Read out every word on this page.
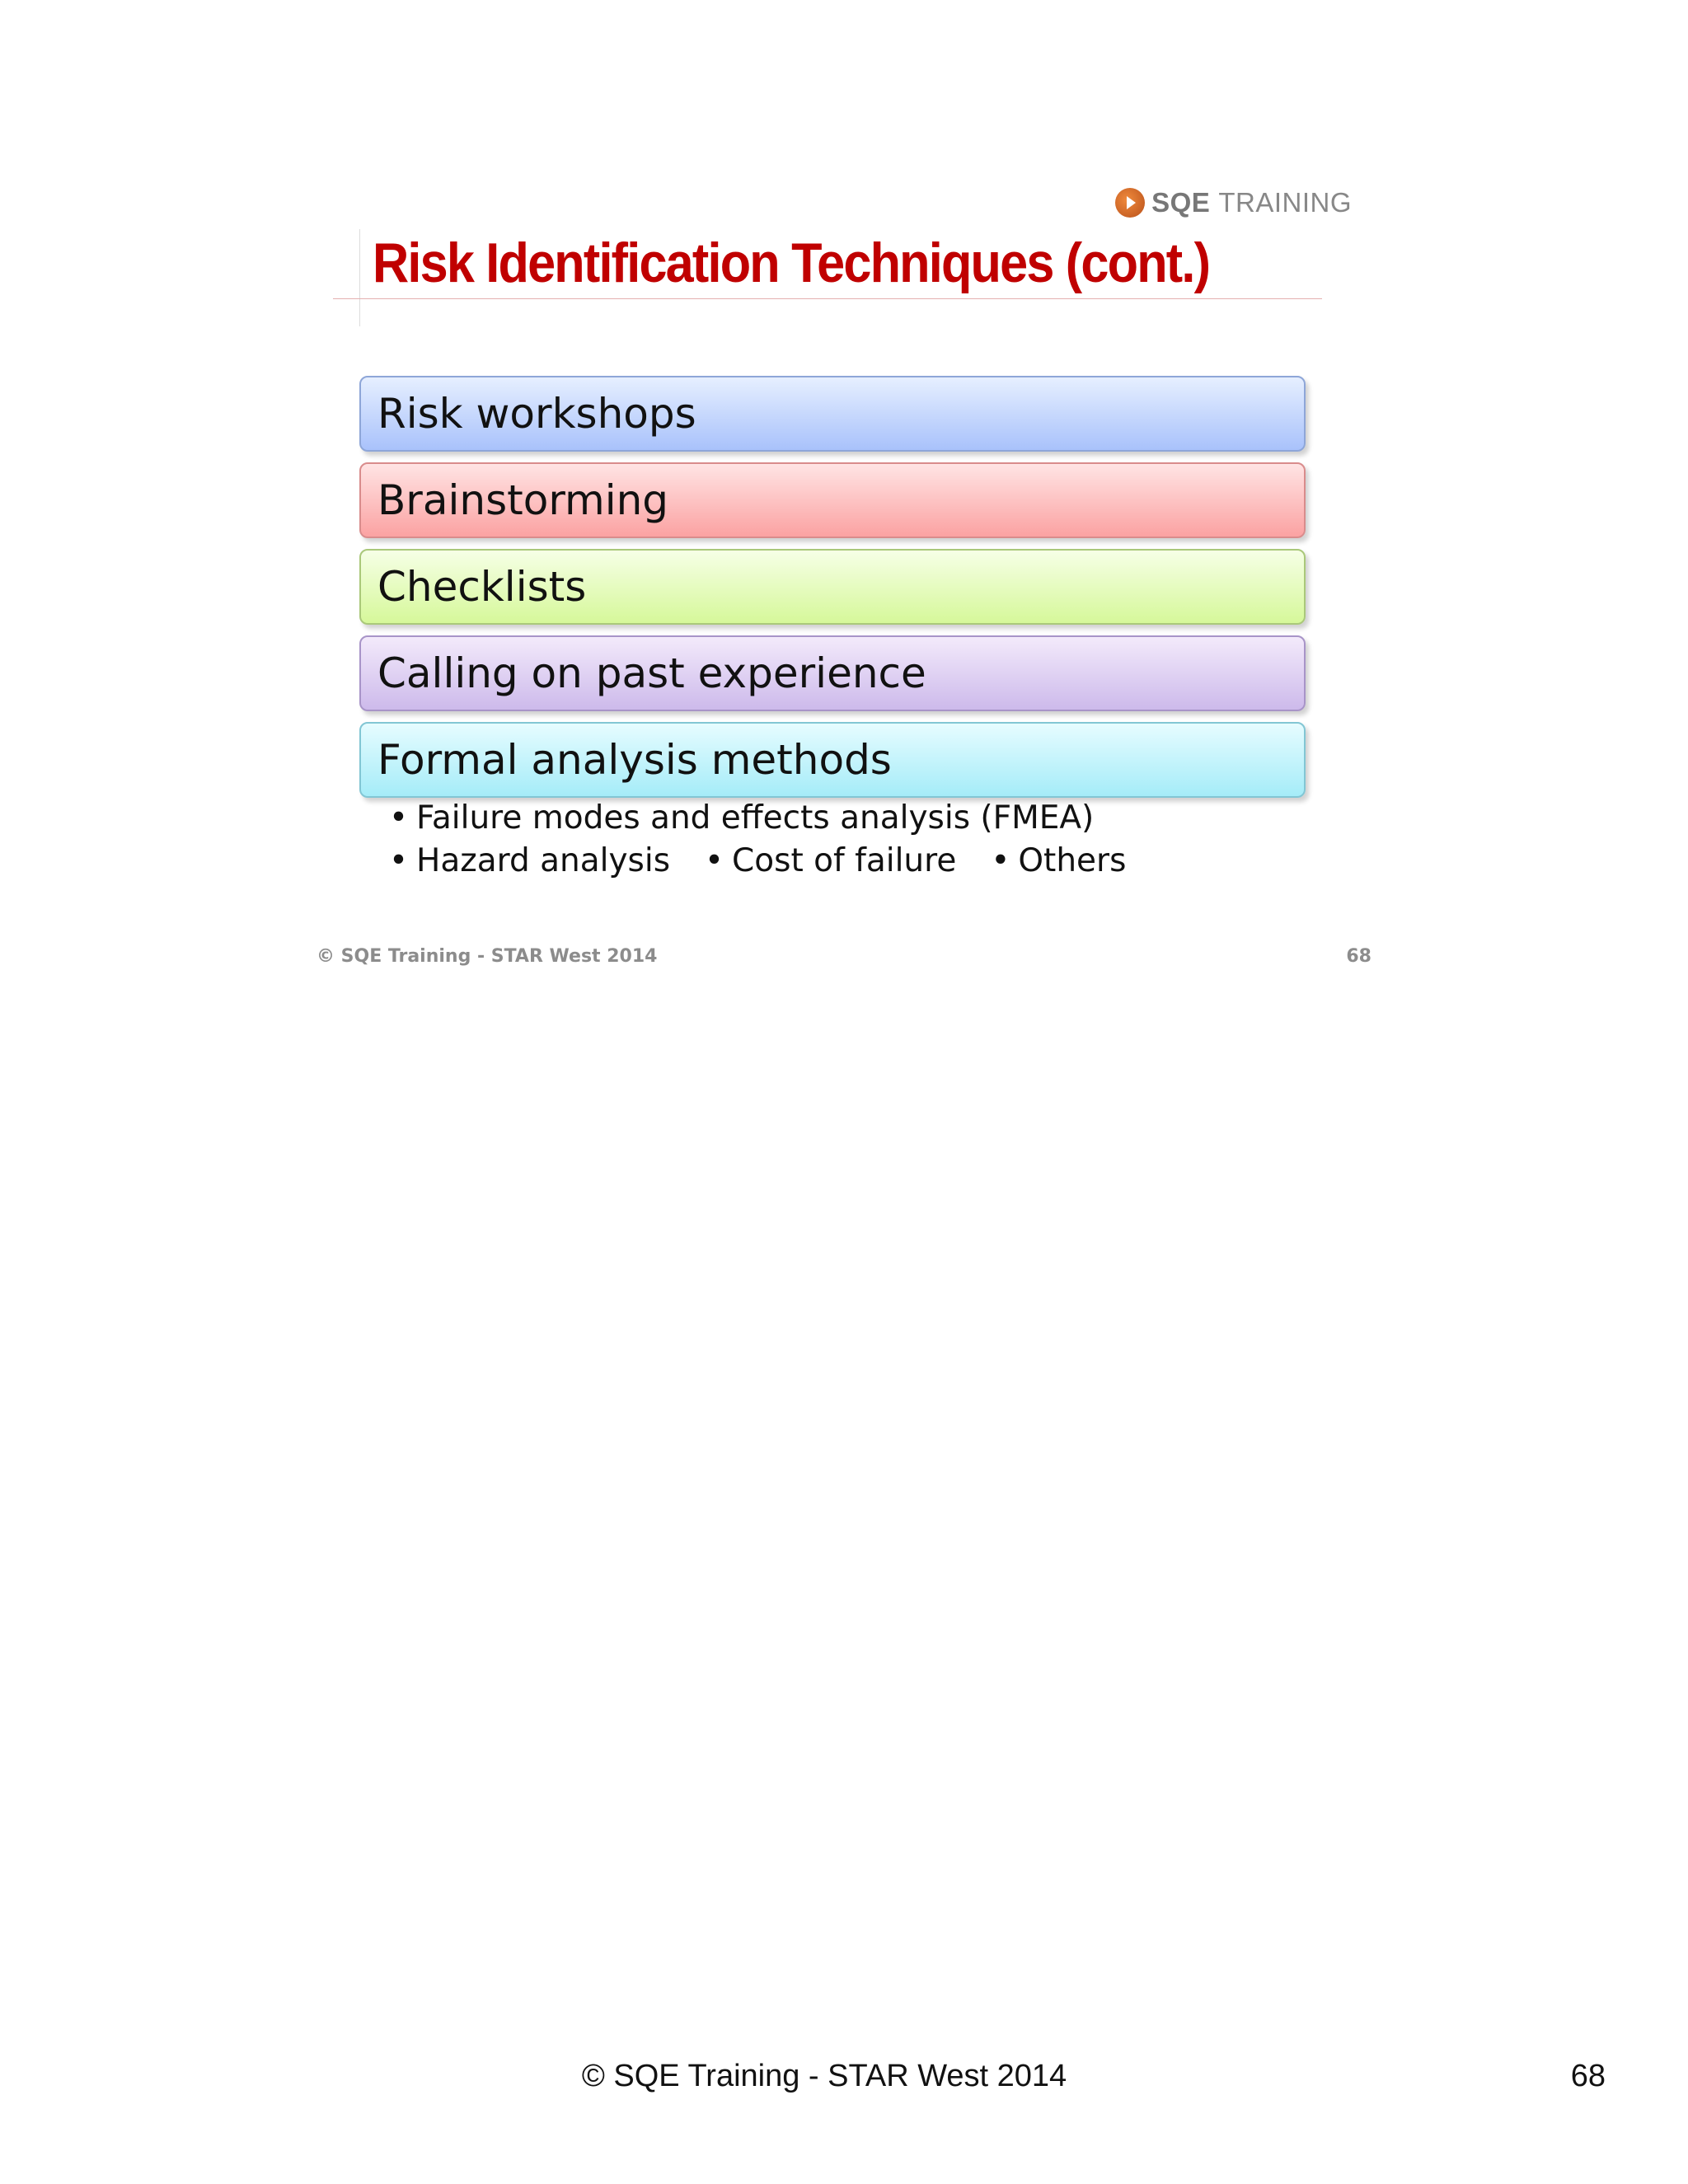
SQE TRAINING
Risk Identification Techniques (cont.)
Risk workshops
Brainstorming
Checklists
Calling on past experience
Formal analysis methods
• Failure modes and effects analysis (FMEA)
• Hazard analysis • Cost of failure • Others
© SQE Training - STAR West 2014	68
© SQE Training - STAR West 2014	68
